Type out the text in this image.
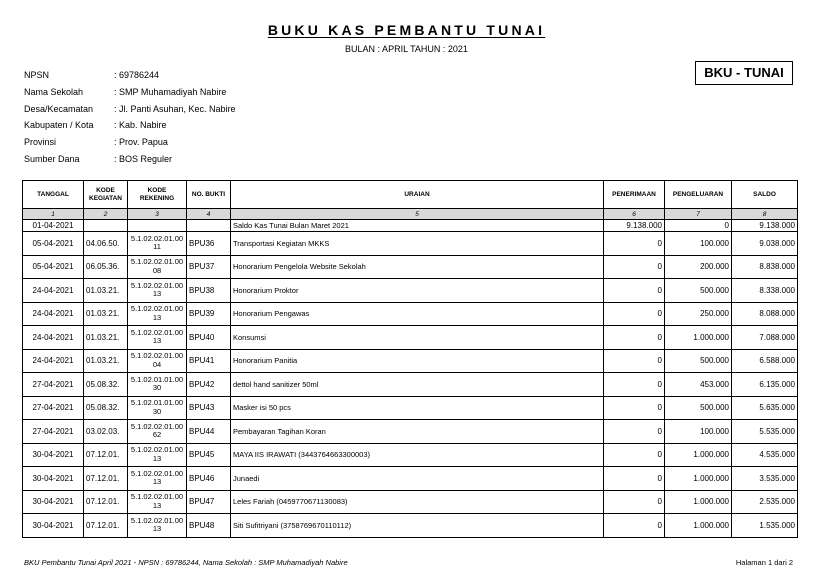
BUKU KAS PEMBANTU TUNAI
BULAN : APRIL TAHUN : 2021
BKU - TUNAI
NPSN	: 69786244
Nama Sekolah	: SMP Muhamadiyah Nabire
Desa/Kecamatan	: Jl. Panti Asuhan, Kec. Nabire
Kabupaten / Kota	: Kab. Nabire
Provinsi	: Prov. Papua
Sumber Dana	: BOS Reguler
TANGGAL	KODE KEGIATAN	KODE REKENING	NO. BUKTI	URAIAN	PENERIMAAN	PENGELUARAN	SALDO
1	2	3	4	5	6	7	8
01-04-2021				Saldo Kas Tunai Bulan Maret 2021	9.138.000	0	9.138.000
05-04-2021	04.06.50.	5.1.02.02.01.0011	BPU36	Transportasi Kegiatan MKKS	0	100.000	9.038.000
05-04-2021	06.05.36.	5.1.02.02.01.0008	BPU37	Honorarium Pengelola Website Sekolah	0	200.000	8.838.000
24-04-2021	01.03.21.	5.1.02.02.01.0013	BPU38	Honorarium Proktor	0	500.000	8.338.000
24-04-2021	01.03.21.	5.1.02.02.01.0013	BPU39	Honorarium Pengawas	0	250.000	8.088.000
24-04-2021	01.03.21.	5.1.02.02.01.0013	BPU40	Konsumsi	0	1.000.000	7.088.000
24-04-2021	01.03.21.	5.1.02.02.01.0004	BPU41	Honorarium Panitia	0	500.000	6.588.000
27-04-2021	05.08.32.	5.1.02.01.01.0030	BPU42	dettol hand sanitizer 50ml	0	453.000	6.135.000
27-04-2021	05.08.32.	5.1.02.01.01.0030	BPU43	Masker isi 50 pcs	0	500.000	5.635.000
27-04-2021	03.02.03.	5.1.02.02.01.0062	BPU44	Pembayaran Tagihan Koran	0	100.000	5.535.000
30-04-2021	07.12.01.	5.1.02.02.01.0013	BPU45	MAYA IIS IRAWATI (3443764663300003)	0	1.000.000	4.535.000
30-04-2021	07.12.01.	5.1.02.02.01.0013	BPU46	Junaedi	0	1.000.000	3.535.000
30-04-2021	07.12.01.	5.1.02.02.01.0013	BPU47	Leles Fariah (0459770671130083)	0	1.000.000	2.535.000
30-04-2021	07.12.01.	5.1.02.02.01.0013	BPU48	Siti Sufitriyani (3758769670110112)	0	1.000.000	1.535.000
BKU Pembantu Tunai April 2021 - NPSN : 69786244, Nama Sekolah : SMP Muhamadiyah Nabire	Halaman 1 dari 2
